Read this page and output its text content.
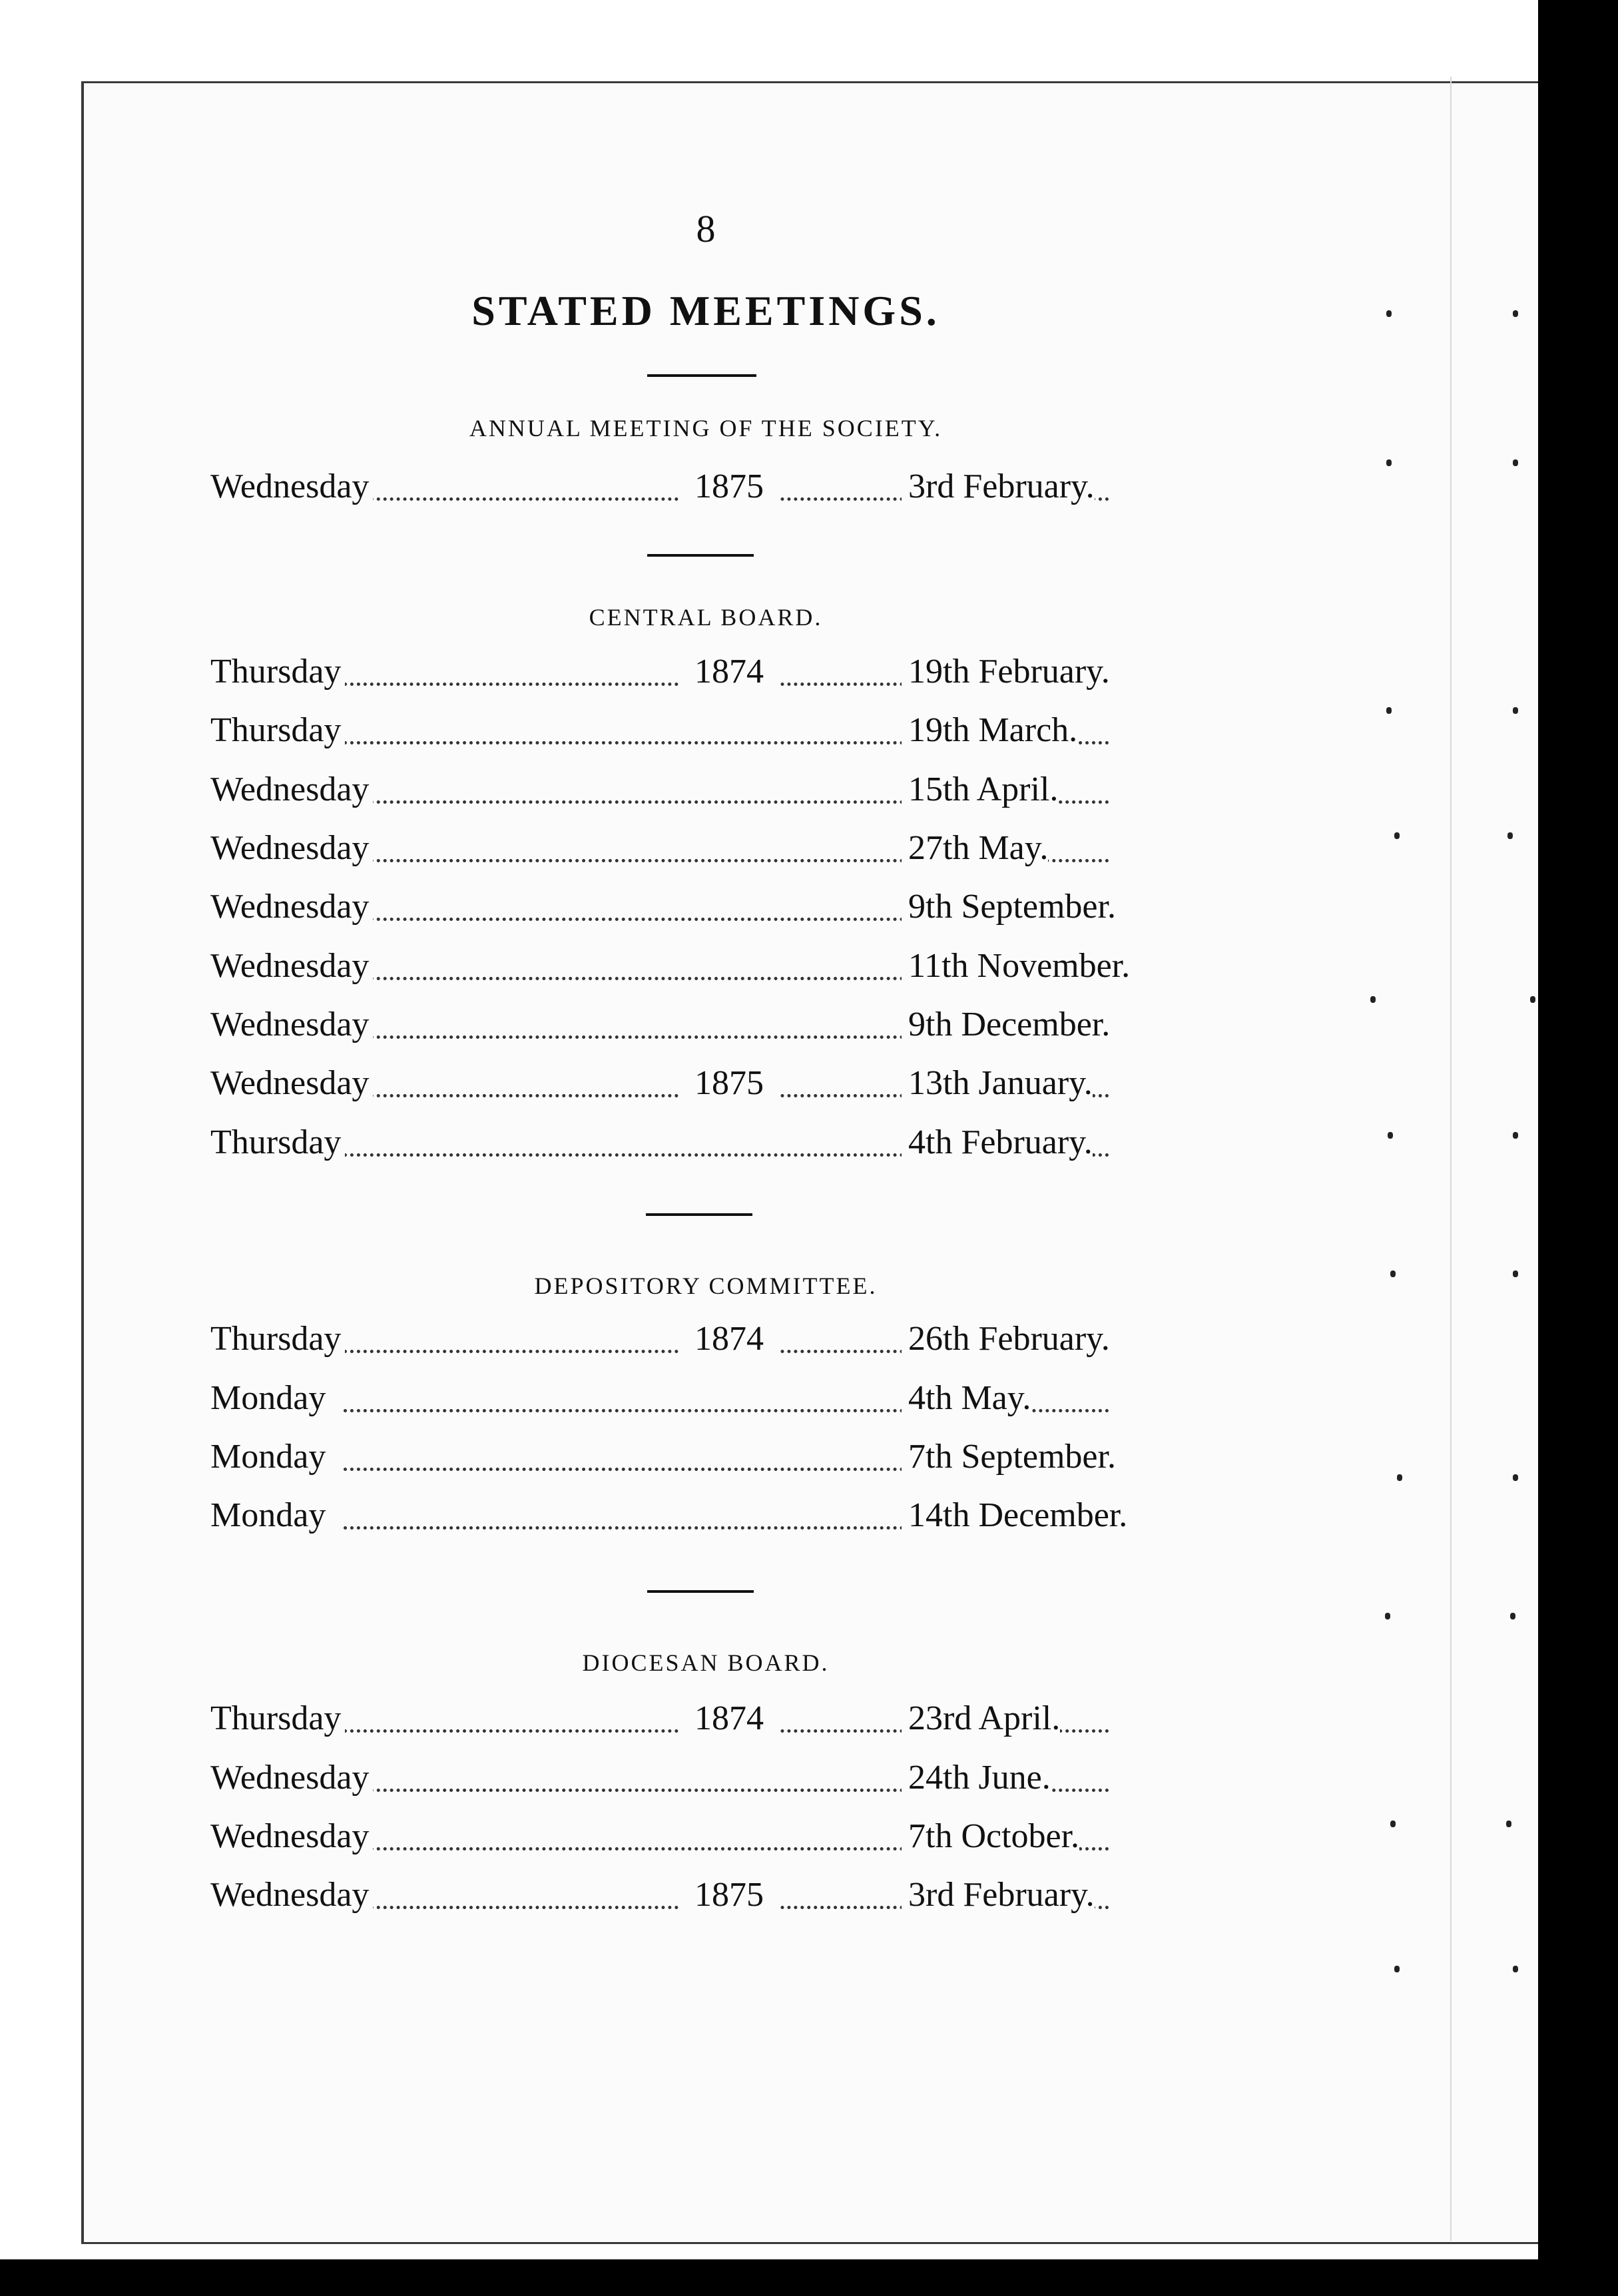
8
STATED MEETINGS.
ANNUAL MEETING OF THE SOCIETY.
Wednesday	1875	3rd February.
CENTRAL BOARD.
Thursday	1874	19th February.
Thursday	19th March.
Wednesday	15th April.
Wednesday	27th May.
Wednesday	9th September.
Wednesday	11th November.
Wednesday	9th December.
Wednesday	1875	13th January.
Thursday	4th February.
DEPOSITORY COMMITTEE.
Thursday	1874	26th February.
Monday	4th May.
Monday	7th September.
Monday	14th December.
DIOCESAN BOARD.
Thursday	1874	23rd April.
Wednesday	24th June.
Wednesday	7th October.
Wednesday	1875	3rd February.
